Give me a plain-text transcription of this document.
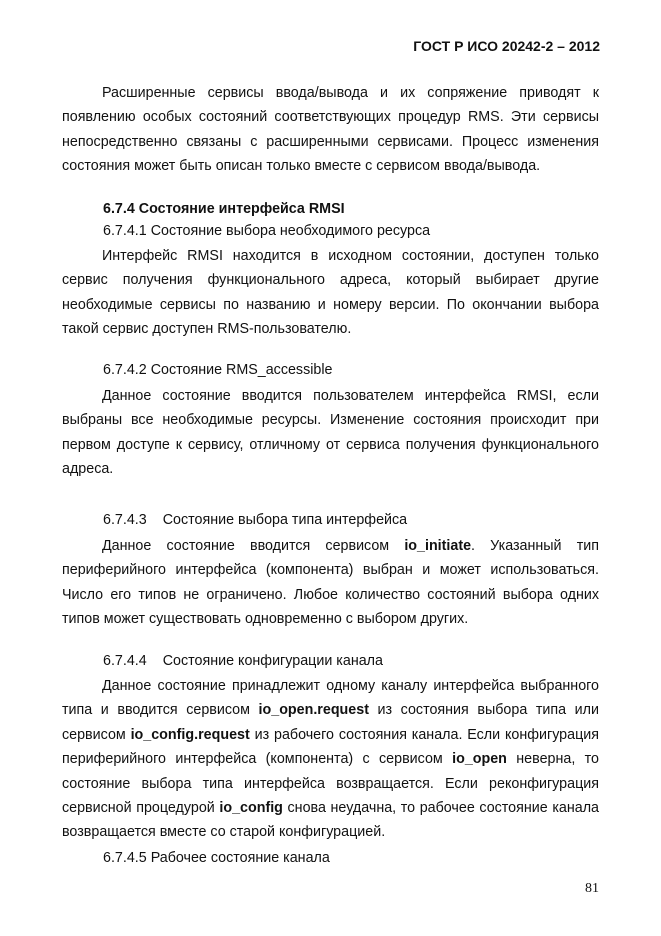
ГОСТ Р ИСО 20242-2 – 2012
Расширенные сервисы ввода/вывода и их сопряжение приводят к появлению особых состояний соответствующих процедур RMS. Эти сервисы непосредственно связаны с расширенными сервисами. Процесс изменения состояния может быть описан только вместе с сервисом ввода/вывода.
6.7.4 Состояние интерфейса RMSI
6.7.4.1 Состояние выбора необходимого ресурса
Интерфейс RMSI находится в исходном состоянии, доступен только сервис получения функционального адреса, который выбирает другие необходимые сервисы по названию и номеру версии. По окончании выбора такой сервис доступен RMS-пользователю.
6.7.4.2 Состояние RMS_accessible
Данное состояние вводится пользователем интерфейса RMSI, если выбраны все необходимые ресурсы. Изменение состояния происходит при первом доступе к сервису, отличному от сервиса получения функционального адреса.
6.7.4.3 Состояние выбора типа интерфейса
Данное состояние вводится сервисом io_initiate. Указанный тип периферийного интерфейса (компонента) выбран и может использоваться. Число его типов не ограничено. Любое количество состояний выбора одних типов может существовать одновременно с выбором других.
6.7.4.4 Состояние конфигурации канала
Данное состояние принадлежит одному каналу интерфейса выбранного типа и вводится сервисом io_open.request из состояния выбора типа или сервисом io_config.request из рабочего состояния канала. Если конфигурация периферийного интерфейса (компонента) с сервисом io_open неверна, то состояние выбора типа интерфейса возвращается. Если реконфигурация сервисной процедурой io_config снова неудачна, то рабочее состояние канала возвращается вместе со старой конфигурацией.
6.7.4.5 Рабочее состояние канала
81
